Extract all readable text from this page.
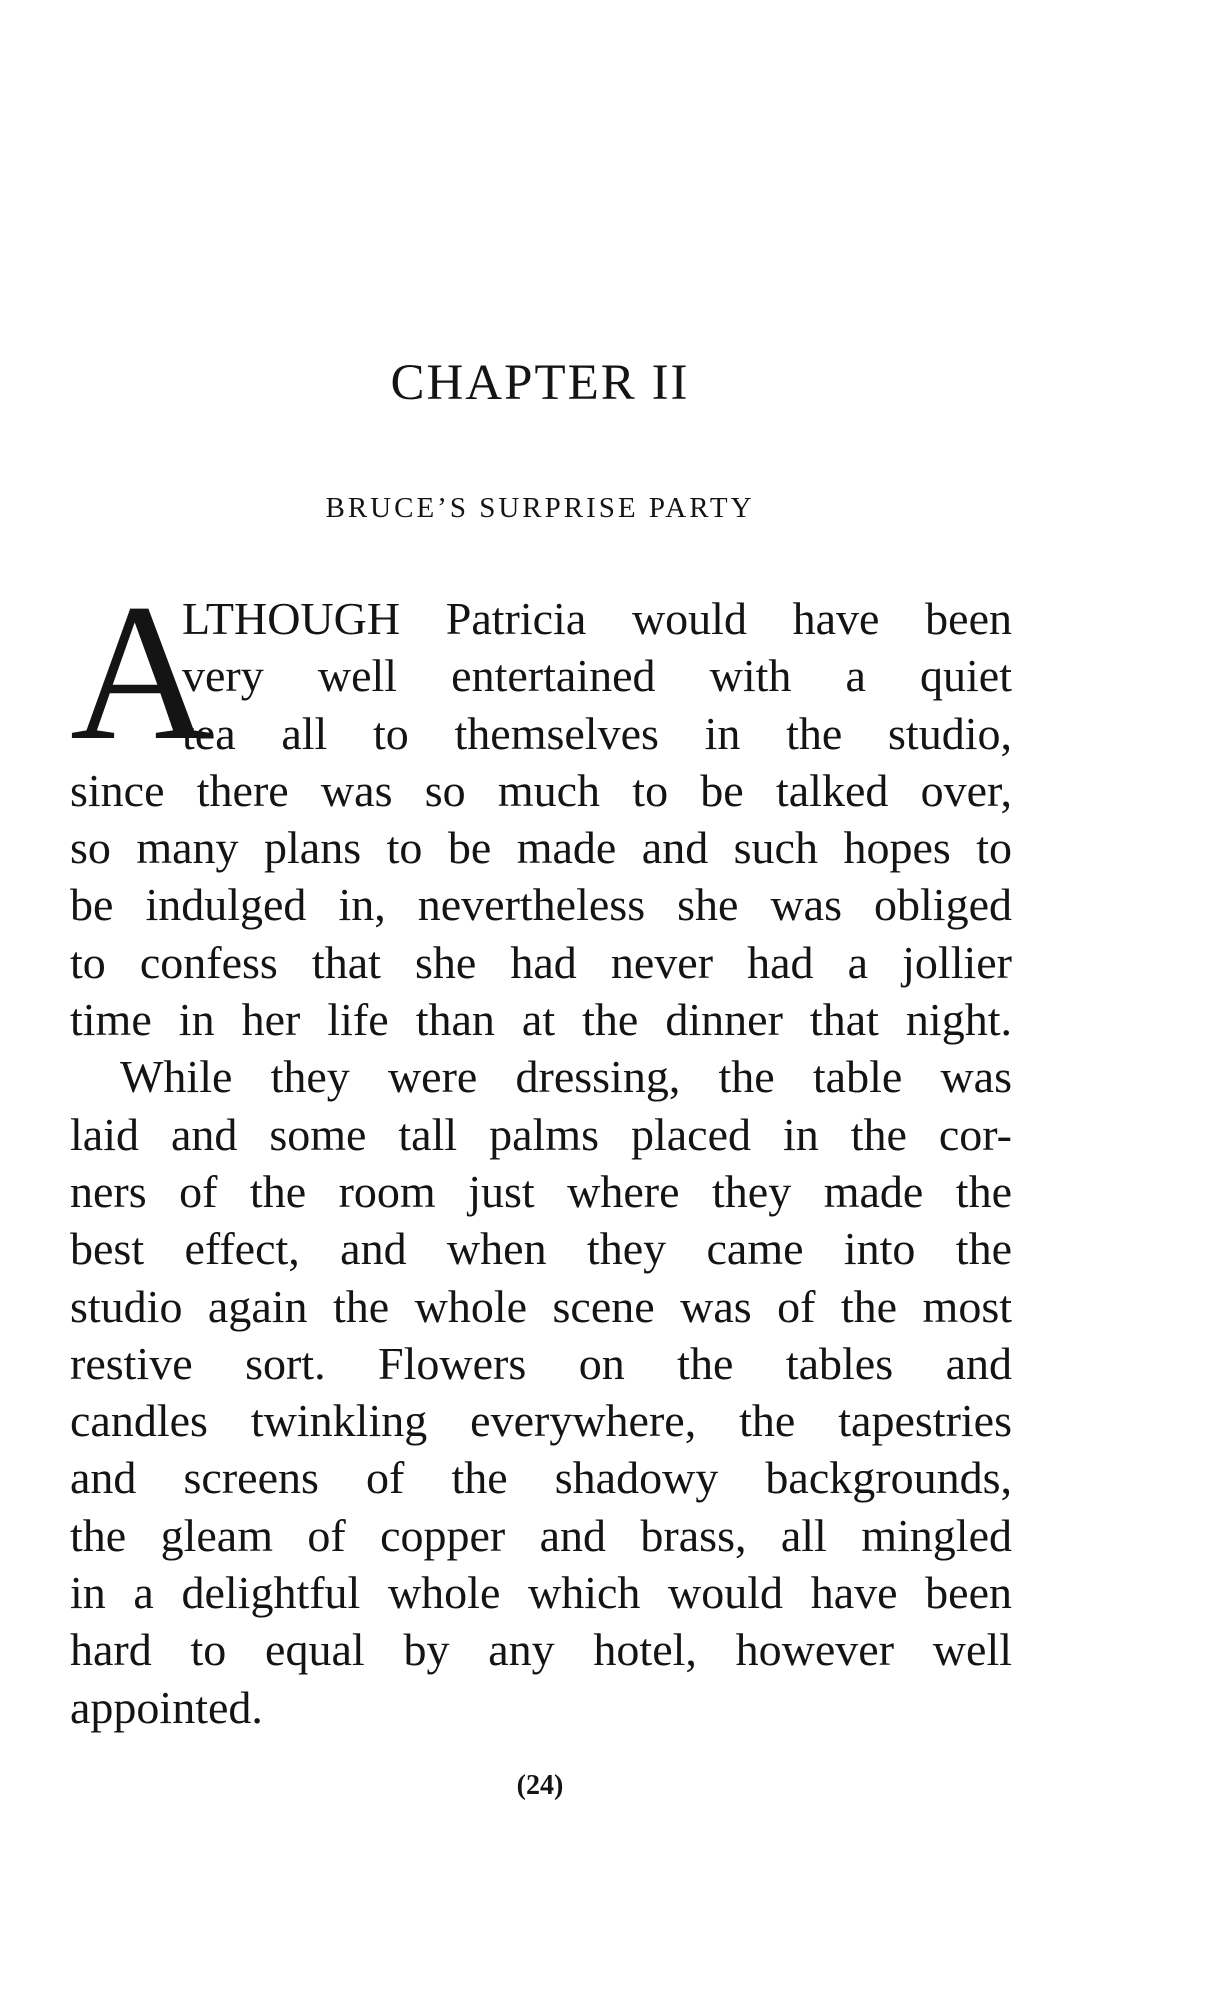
CHAPTER II
BRUCE’S SURPRISE PARTY
A
LTHOUGH Patricia would have been
very well entertained with a quiet
tea all to themselves in the studio,
since there was so much to be talked over,
so many plans to be made and such hopes to
be indulged in, nevertheless she was obliged
to confess that she had never had a jollier
time in her life than at the dinner that night.
While they were dressing, the table was
laid and some tall palms placed in the cor-
ners of the room just where they made the
best effect, and when they came into the
studio again the whole scene was of the most
restive sort. Flowers on the tables and
candles twinkling everywhere, the tapestries
and screens of the shadowy backgrounds,
the gleam of copper and brass, all mingled
in a delightful whole which would have been
hard to equal by any hotel, however well
appointed.
(24)
